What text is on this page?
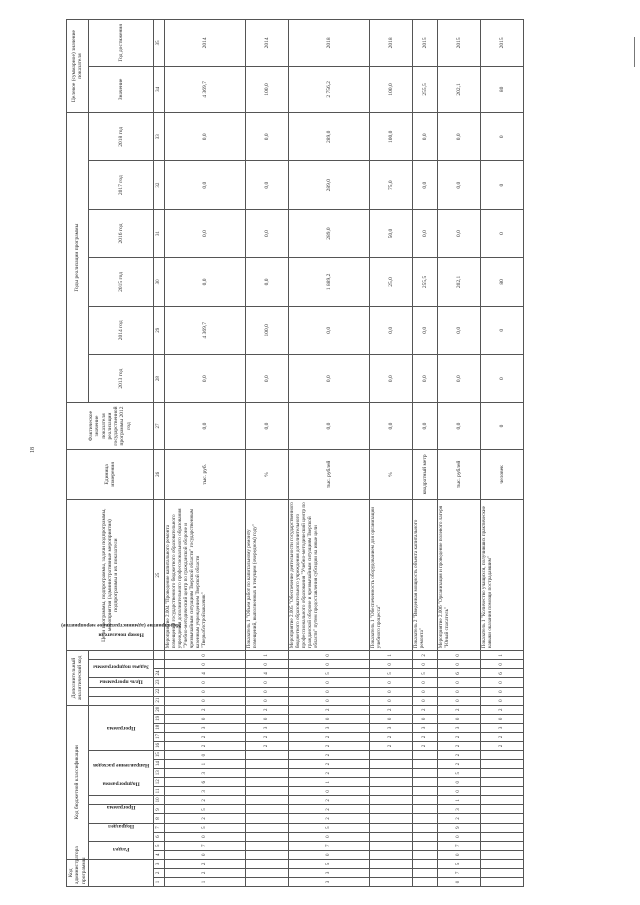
18
Код администратора программы			Код бюджетной классификации																	Дополнительный аналитический код						Цели программы, подпрограммы, задачи подпрограммы, мероприятия (административные мероприятия) подпрограммы и их показатели	Единица измерения	Фактическое значение показателя реализации государственной программы 2012 год	Годы реализации программы						Целевое (суммарное) значение показателя	
			Раздел		Подраздел		Программа		Подпрограмма	Направление расходов					Программа					Цель программы	Задача подпрограммы	Мероприятие (административное мероприятие)			Номер показателя				2013 год	2014 год	2015 год	2016 год	2017 год	2018 год	Значение	Год достижения
1	2	3	4	5	6	7	8	9	10	11	12	13	14	15	16	17	18	19	20	21	22	23	24			25	26	27	28	29	30	31	32	33	34	35
1	2	2	0	7	0	5	2	5	2	3	6	3	1	0	2	2	3	0	2	0	0	0	4	0	0	Мероприятие 2.004 "Проведение капитального ремонта помещений государственного бюджетного образовательного учреждения дополнительного профессионального образования "Учебно-методический центр по гражданской обороне и чрезвычайным ситуациям Тверской области" государственным казенным учреждением Тверской области "Тверьоблстройзаказчик"	тыс. руб.	0,0	0,0	4 369,7	0,0	0,0	0,0	0,0	4 369,7	2014
															2	2	3	0	2	0	0	0	4	0	1	Показатель 1 "Объем работ по капитальному ремонту помещений, выполненных в текущем (очередном) году"	%	0,0	0,0	100,0	0,0	0,0	0,0	0,0	100,0	2014
3	3	5	0	7	0	5	2	2	2	0	1	2	2	2	2	2	3	0	2	0	0	0	5	0	0	Мероприятие 2.005 "Обеспечение деятельности государственного бюджетного образовательного учреждения дополнительного профессионального образования "Учебно-методический центр по гражданской обороне и чрезвычайным ситуациям Тверской области" путем предоставления субсидии на иные цели	тыс. рублей	0,0	0,0	0,0	1 889,2	289,0	289,0	289,0	2 756,2	2018
															2	2	3	0	2	0	0	0	5	0	1	Показатель 1 "Обеспеченность оборудованием для организации учебного процесса"	%	0,0	0,0	0,0	25,0	50,0	75,0	100,0	100,0	2018
															2	2	3	0	2	0	0	0	5	0	2	Показатель 2 "Введенная мощность объекта капитального ремонта"	квадратный метр	0,0	0,0	0,0	255,5	0,0	0,0	0,0	255,5	2015
0	7	5	0	7	0	9	2	3	1	0	0	5	2	2	2	2	3	0	2	0	0	0	6	0	0	Мероприятие 2.006 "Организация и проведение полевого лагеря "Юный спасатель"	тыс. рублей	0,0	0,0	0,0	202,1	0,0	0,0	0,0	202,1	2015
															2	2	3	0	2	0	0	0	6	0	1	Показатель 1 "Количество учащихся, получивших практические навыки оказания помощи пострадавшим"	человек	0	0	0	80	0	0	0	80	2015
